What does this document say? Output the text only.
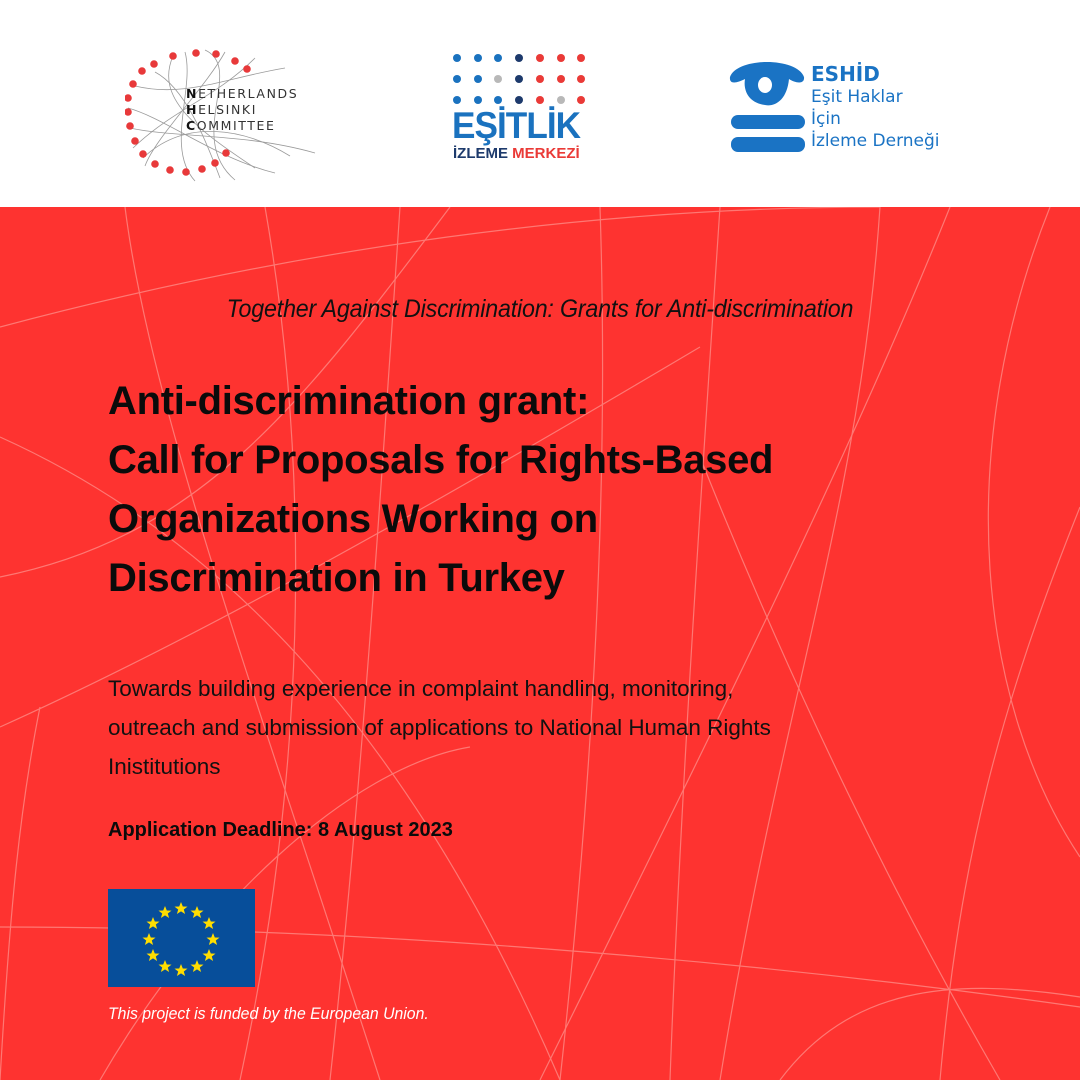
NETHERLANDS
HELSINKI
COMMITTEE	EŞİTLİK
İZLEME MERKEZİ
ESHİD
Eşit Haklar
İçin
İzleme Derneği
Together Against Discrimination: Grants for Anti-discrimination
Anti-discrimination grant:
Call for Proposals for Rights-Based
Organizations Working on
Discrimination in Turkey
Towards building experience in complaint handling, monitoring,
outreach and submission of applications to National Human Rights
Inistitutions
Application Deadline: 8 August 2023
This project is funded by the European Union.
